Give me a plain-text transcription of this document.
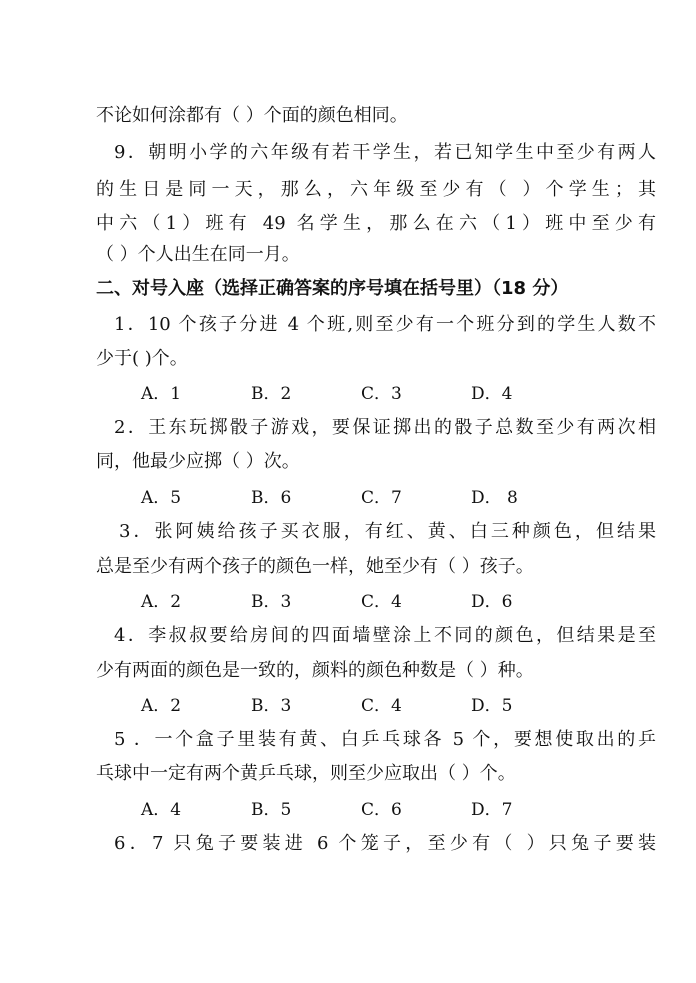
不论如何涂都有（ ）个面的颜色相同。
9．朝明小学的六年级有若干学生，若已知学生中至少有两人
的生日是同一天，那么，六年级至少有（ ）个学生；其
中六（1）班有 49 名学生，那么在六（1）班中至少有
（ ）个人出生在同一月。
二、对号入座（选择正确答案的序号填在括号里）（18 分）
1．10 个孩子分进 4 个班,则至少有一个班分到的学生人数不
少于( )个。
A．1	B．2	C．3	D．4
2．王东玩掷骰子游戏，要保证掷出的骰子总数至少有两次相
同，他最少应掷（ ）次。
A．5	B．6	C．7	D． 8
3．张阿姨给孩子买衣服，有红、黄、白三种颜色，但结果
总是至少有两个孩子的颜色一样，她至少有（ ）孩子。
A．2	B．3	C．4	D．6
4．李叔叔要给房间的四面墙壁涂上不同的颜色，但结果是至
少有两面的颜色是一致的，颜料的颜色种数是（ ）种。
A．2	B．3	C．4	D．5
5 ．一个盒子里装有黄、白乒乓球各 5 个，要想使取出的乒
乓球中一定有两个黄乒乓球，则至少应取出（ ）个。
A．4	B．5	C．6	D．7
6．7 只兔子要装进 6 个笼子，至少有（ ）只兔子要装
